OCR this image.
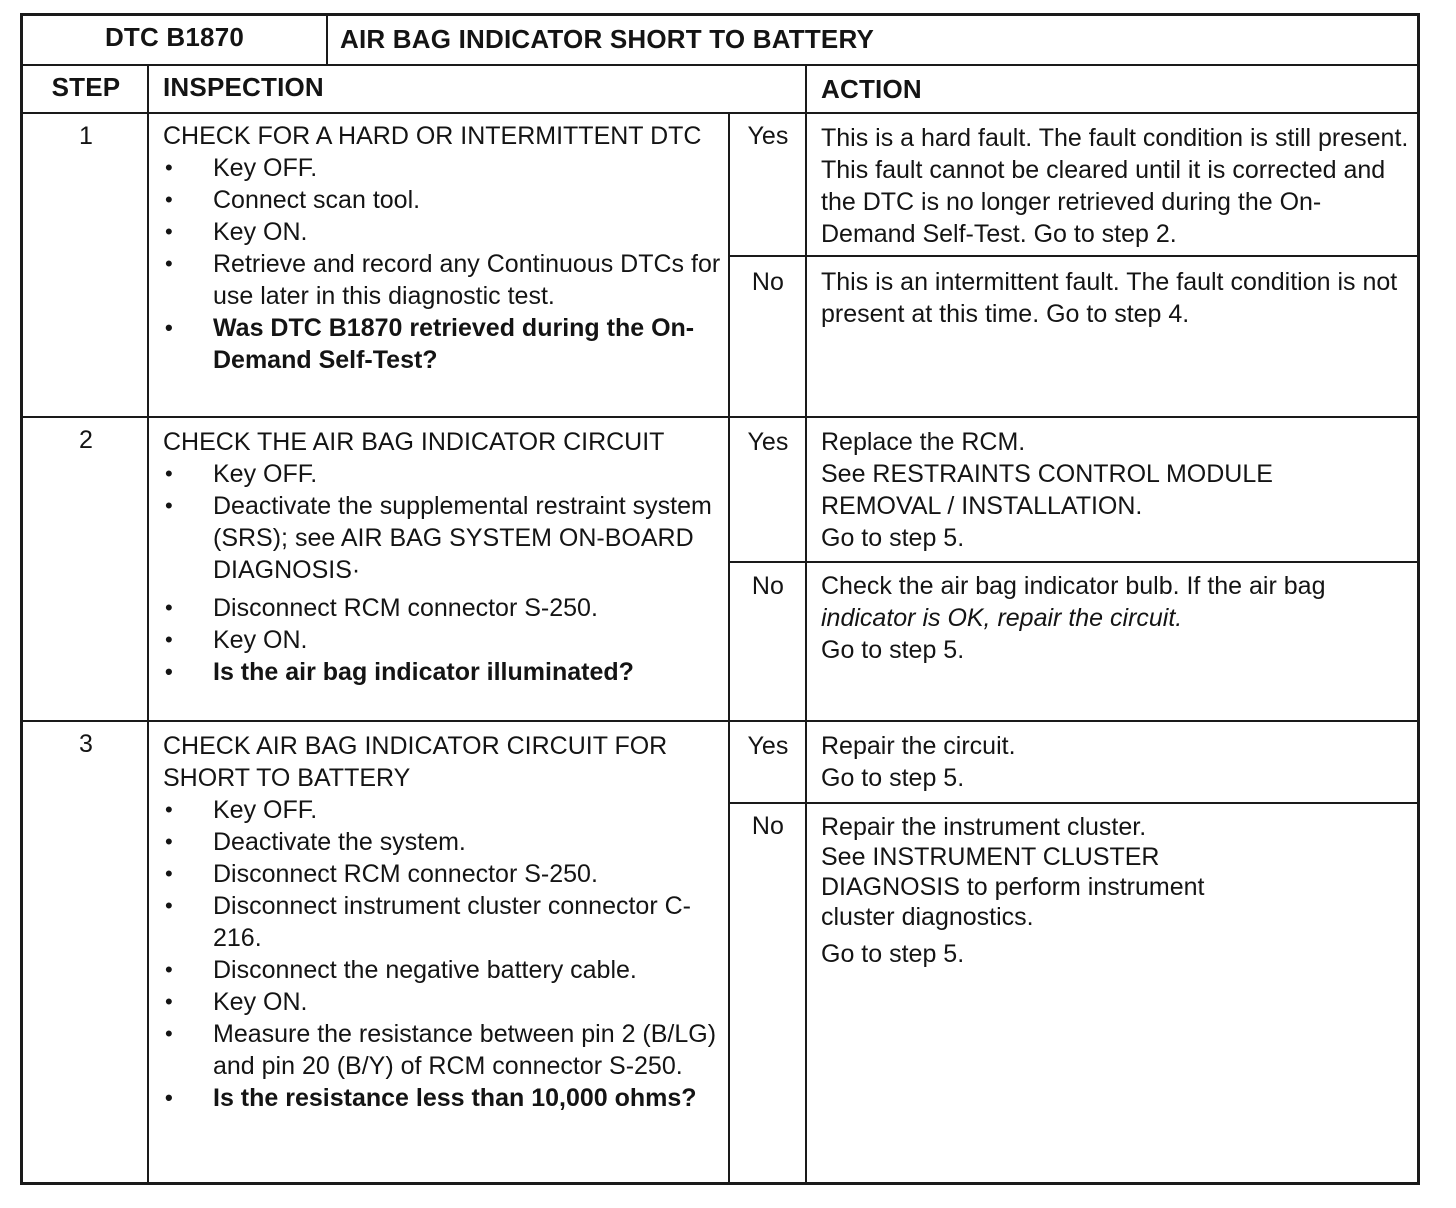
DTC B1870	AIR BAG INDICATOR SHORT TO BATTERY
STEP	INSPECTION	ACTION
1	CHECK FOR A HARD OR INTERMITTENT DTC
• Key OFF.
• Connect scan tool.
• Key ON.
• Retrieve and record any Continuous DTCs for use later in this diagnostic test.
• Was DTC B1870 retrieved during the On-Demand Self-Test?
Yes	This is a hard fault. The fault condition is still present. This fault cannot be cleared until it is corrected and the DTC is no longer retrieved during the On-Demand Self-Test. Go to step 2.

No	This is an intermittent fault. The fault condition is not present at this time. Go to step 4.

2	CHECK THE AIR BAG INDICATOR CIRCUIT
• Key OFF.
• Deactivate the supplemental restraint system (SRS); see AIR BAG SYSTEM ON-BOARD DIAGNOSIS·
• Disconnect RCM connector S-250.
• Key ON.
• Is the air bag indicator illuminated?
Yes	Replace the RCM.

See RESTRAINTS CONTROL MODULE REMOVAL / INSTALLATION.

Go to step 5.

No	Check the air bag indicator bulb. If the air bag

indicator is OK, repair the circuit.

Go to step 5.

3	CHECK AIR BAG INDICATOR CIRCUIT FOR SHORT TO BATTERY
• Key OFF.
• Deactivate the system.
• Disconnect RCM connector S-250.
• Disconnect instrument cluster connector C-216.
• Disconnect the negative battery cable.
• Key ON.
• Measure the resistance between pin 2 (B/LG) and pin 20 (B/Y) of RCM connector S-250.
• Is the resistance less than 10,000 ohms?
Yes	Repair the circuit.

Go to step 5.

No	Repair the instrument cluster.

See INSTRUMENT CLUSTER

DIAGNOSIS to perform instrument

cluster diagnostics.

Go to step 5.
